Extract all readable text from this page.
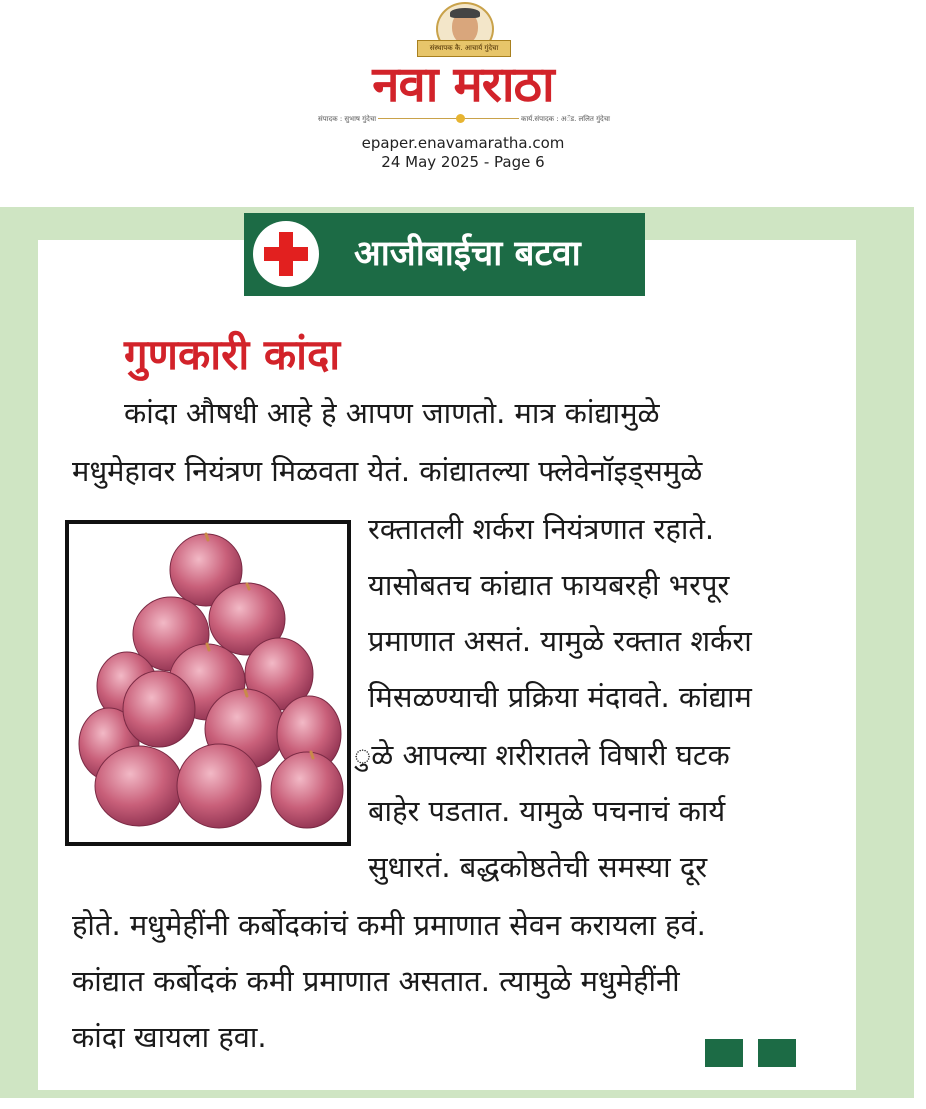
संस्थापक कै. आचार्य गुंदेचा
नवा मराठा
संपादक : सुभाष गुंदेचा	कार्य.संपादक : अॅड. ललित गुंदेचा
epaper.enavamaratha.com
24 May 2025 - Page 6
आजीबाईचा बटवा
गुणकारी कांदा
कांदा औषधी आहे हे आपण जाणतो. मात्र कांद्यामुळे
मधुमेहावर नियंत्रण मिळवता येतं. कांद्यातल्या फ्लेवेनॉइड्समुळे
रक्तातली शर्करा नियंत्रणात रहाते.
यासोबतच कांद्यात फायबरही भरपूर
प्रमाणात असतं. यामुळे रक्तात शर्करा
मिसळण्याची प्रक्रिया मंदावते. कांद्याम
ुळे आपल्या शरीरातले विषारी घटक
बाहेर पडतात. यामुळे पचनाचं कार्य
सुधारतं. बद्धकोष्ठतेची समस्या दूर
होते. मधुमेहींनी कर्बोदकांचं कमी प्रमाणात सेवन करायला हवं.
कांद्यात कर्बोदकं कमी प्रमाणात असतात. त्यामुळे मधुमेहींनी
कांदा खायला हवा.
